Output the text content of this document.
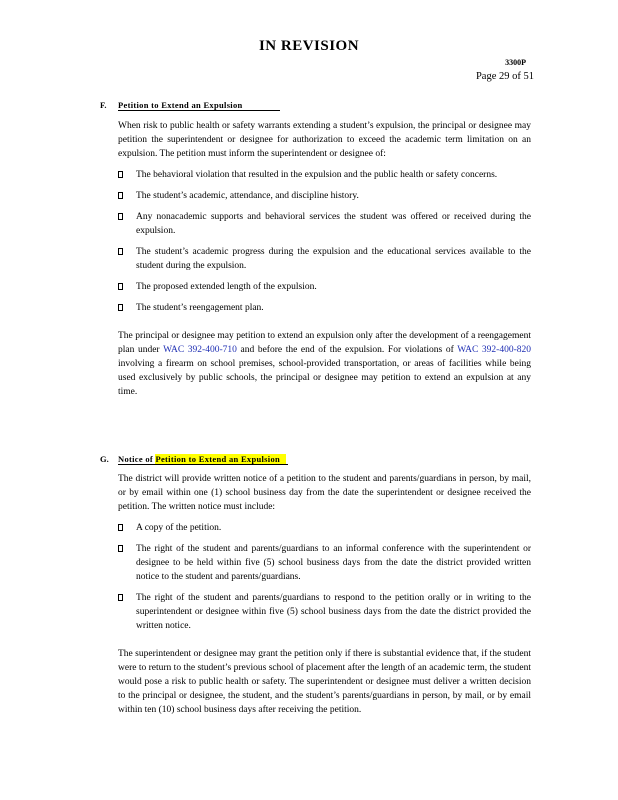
IN REVISION
3300P
Page 29 of 51
F. Petition to Extend an Expulsion
When risk to public health or safety warrants extending a student’s expulsion, the principal or designee may petition the superintendent or designee for authorization to exceed the academic term limitation on an expulsion. The petition must inform the superintendent or designee of:
The behavioral violation that resulted in the expulsion and the public health or safety concerns.
The student’s academic, attendance, and discipline history.
Any nonacademic supports and behavioral services the student was offered or received during the expulsion.
The student’s academic progress during the expulsion and the educational services available to the student during the expulsion.
The proposed extended length of the expulsion.
The student’s reengagement plan.
The principal or designee may petition to extend an expulsion only after the development of a reengagement plan under WAC 392-400-710 and before the end of the expulsion. For violations of WAC 392-400-820 involving a firearm on school premises, school-provided transportation, or areas of facilities while being used exclusively by public schools, the principal or designee may petition to extend an expulsion at any time.
G. Notice of Petition to Extend an Expulsion
The district will provide written notice of a petition to the student and parents/guardians in person, by mail, or by email within one (1) school business day from the date the superintendent or designee received the petition. The written notice must include:
A copy of the petition.
The right of the student and parents/guardians to an informal conference with the superintendent or designee to be held within five (5) school business days from the date the district provided written notice to the student and parents/guardians.
The right of the student and parents/guardians to respond to the petition orally or in writing to the superintendent or designee within five (5) school business days from the date the district provided the written notice.
The superintendent or designee may grant the petition only if there is substantial evidence that, if the student were to return to the student’s previous school of placement after the length of an academic term, the student would pose a risk to public health or safety. The superintendent or designee must deliver a written decision to the principal or designee, the student, and the student’s parents/guardians in person, by mail, or by email within ten (10) school business days after receiving the petition.
